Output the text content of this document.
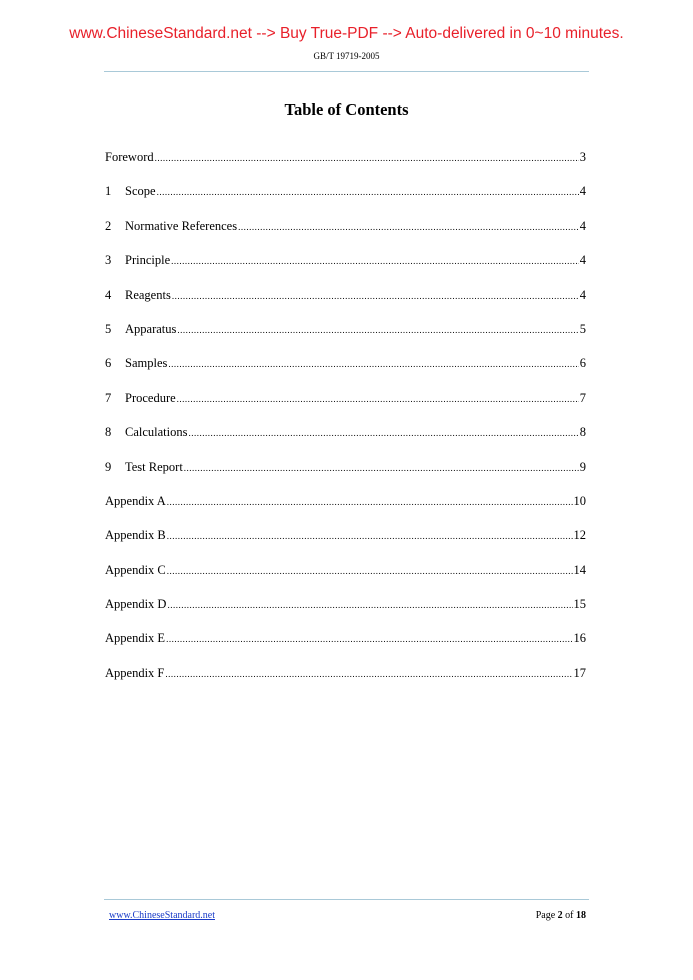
www.ChineseStandard.net --> Buy True-PDF --> Auto-delivered in 0~10 minutes.
GB/T 19719-2005
Table of Contents
Foreword .....	3
1	Scope .....	4
2	Normative References .....	4
3	Principle .....	4
4	Reagents .....	4
5	Apparatus .....	5
6	Samples .....	6
7	Procedure .....	7
8	Calculations .....	8
9	Test Report .....	9
Appendix A .....	10
Appendix B .....	12
Appendix C .....	14
Appendix D .....	15
Appendix E .....	16
Appendix F .....	17
www.ChineseStandard.net	Page 2 of 18
